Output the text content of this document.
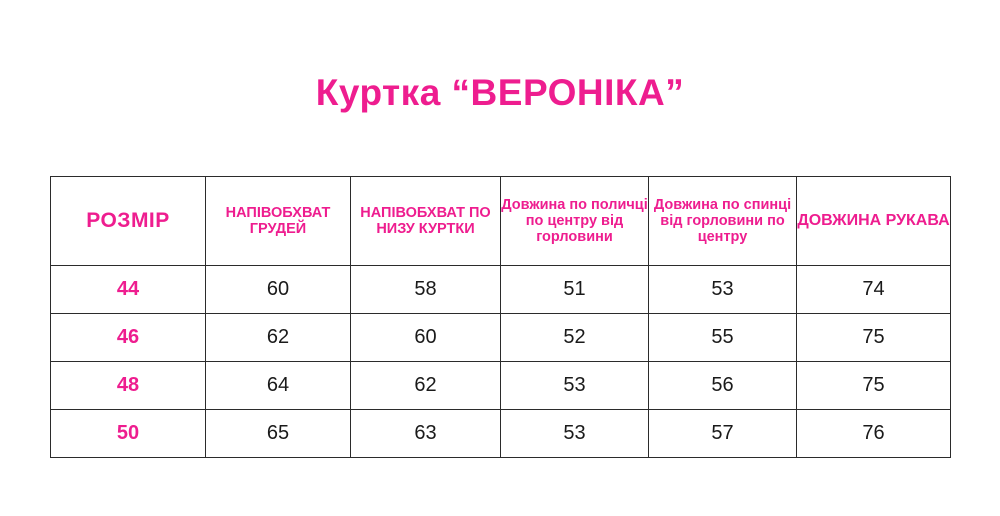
Куртка “ВЕРОНІКА”
РОЗМІР	НАПІВОБХВАТ ГРУДЕЙ	НАПІВОБХВАТ ПО НИЗУ КУРТКИ	Довжина по поличці по центру від горловини	Довжина по спинці від горловини по центру	ДОВЖИНА РУКАВА
44	60	58	51	53	74
46	62	60	52	55	75
48	64	62	53	56	75
50	65	63	53	57	76
